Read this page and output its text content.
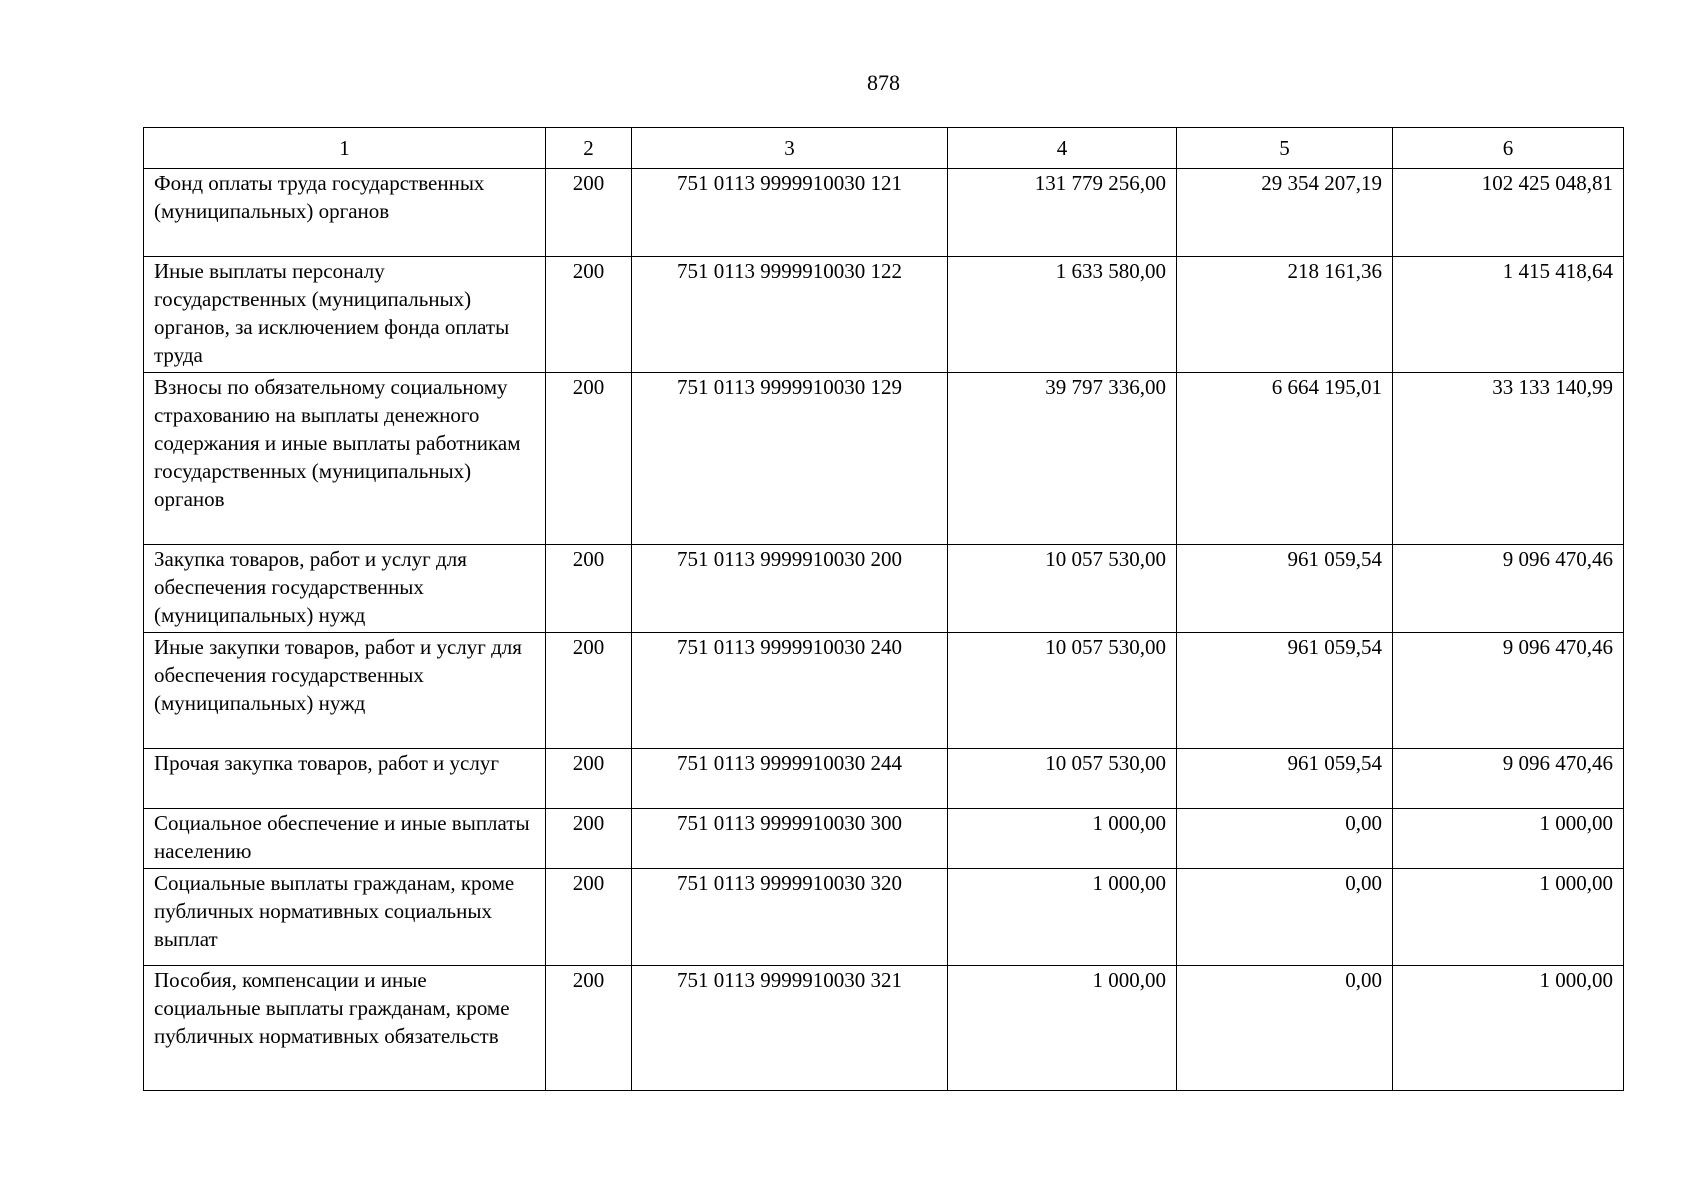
878
1	2	3	4	5	6
Фонд оплаты труда государственных (муниципальных) органов	200	751 0113 9999910030 121	131 779 256,00	29 354 207,19	102 425 048,81
Иные выплаты персоналу государственных (муниципальных) органов, за исключением фонда оплаты труда	200	751 0113 9999910030 122	1 633 580,00	218 161,36	1 415 418,64
Взносы по обязательному социальному страхованию на выплаты денежного содержания и иные выплаты работникам государственных (муниципальных) органов	200	751 0113 9999910030 129	39 797 336,00	6 664 195,01	33 133 140,99
Закупка товаров, работ и услуг для обеспечения государственных (муниципальных) нужд	200	751 0113 9999910030 200	10 057 530,00	961 059,54	9 096 470,46
Иные закупки товаров, работ и услуг для обеспечения государственных (муниципальных) нужд	200	751 0113 9999910030 240	10 057 530,00	961 059,54	9 096 470,46
Прочая закупка товаров, работ и услуг	200	751 0113 9999910030 244	10 057 530,00	961 059,54	9 096 470,46
Социальное обеспечение и иные выплаты населению	200	751 0113 9999910030 300	1 000,00	0,00	1 000,00
Социальные выплаты гражданам, кроме публичных нормативных социальных выплат	200	751 0113 9999910030 320	1 000,00	0,00	1 000,00
Пособия, компенсации и иные социальные выплаты гражданам, кроме публичных нормативных обязательств	200	751 0113 9999910030 321	1 000,00	0,00	1 000,00
